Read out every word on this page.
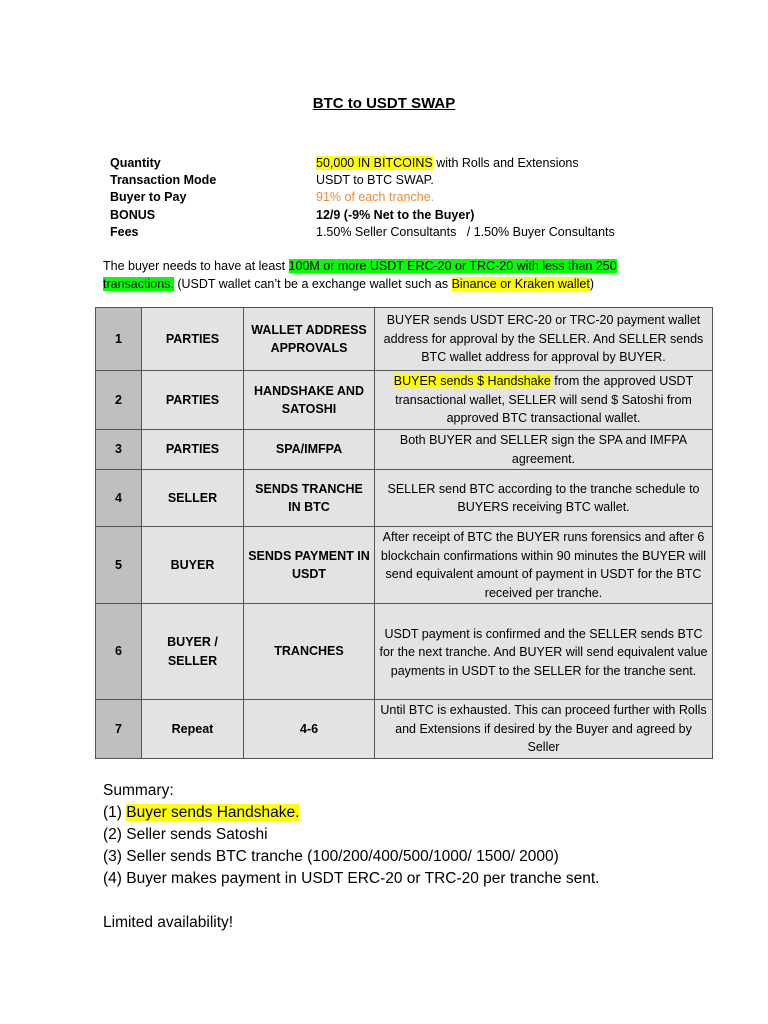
BTC to USDT SWAP
Quantity	50,000 IN BITCOINS with Rolls and Extensions
Transaction Mode	USDT to BTC SWAP.
Buyer to Pay	91% of each tranche.
BONUS	12/9 (-9% Net to the Buyer)
Fees	1.50% Seller Consultants   / 1.50% Buyer Consultants
The buyer needs to have at least 100M or more USDT ERC-20 or TRC-20 with less than 250 transactions. (USDT wallet can’t be a exchange wallet such as Binance or Kraken wallet)
1	PARTIES	WALLET ADDRESS APPROVALS	BUYER sends USDT ERC-20 or TRC-20 payment wallet address for approval by the SELLER. And SELLER sends BTC wallet address for approval by BUYER.
2	PARTIES	HANDSHAKE AND SATOSHI	BUYER sends $ Handshake from the approved USDT transactional wallet, SELLER will send $ Satoshi from approved BTC transactional wallet.
3	PARTIES	SPA/IMFPA	Both BUYER and SELLER sign the SPA and IMFPA agreement.
4	SELLER	SENDS TRANCHE IN BTC	SELLER send BTC according to the tranche schedule to BUYERS receiving BTC wallet.
5	BUYER	SENDS PAYMENT IN USDT	After receipt of BTC the BUYER runs forensics and after 6 blockchain confirmations within 90 minutes the BUYER will send equivalent amount of payment in USDT for the BTC received per tranche.
6	BUYER / SELLER	TRANCHES	USDT payment is confirmed and the SELLER sends BTC for the next tranche. And BUYER will send equivalent value payments in USDT to the SELLER for the tranche sent.
7	Repeat	4-6	Until BTC is exhausted. This can proceed further with Rolls and Extensions if desired by the Buyer and agreed by Seller
Summary:
(1) Buyer sends Handshake.
(2) Seller sends Satoshi
(3) Seller sends BTC tranche (100/200/400/500/1000/ 1500/ 2000)
(4) Buyer makes payment in USDT ERC-20 or TRC-20 per tranche sent.
Limited availability!
